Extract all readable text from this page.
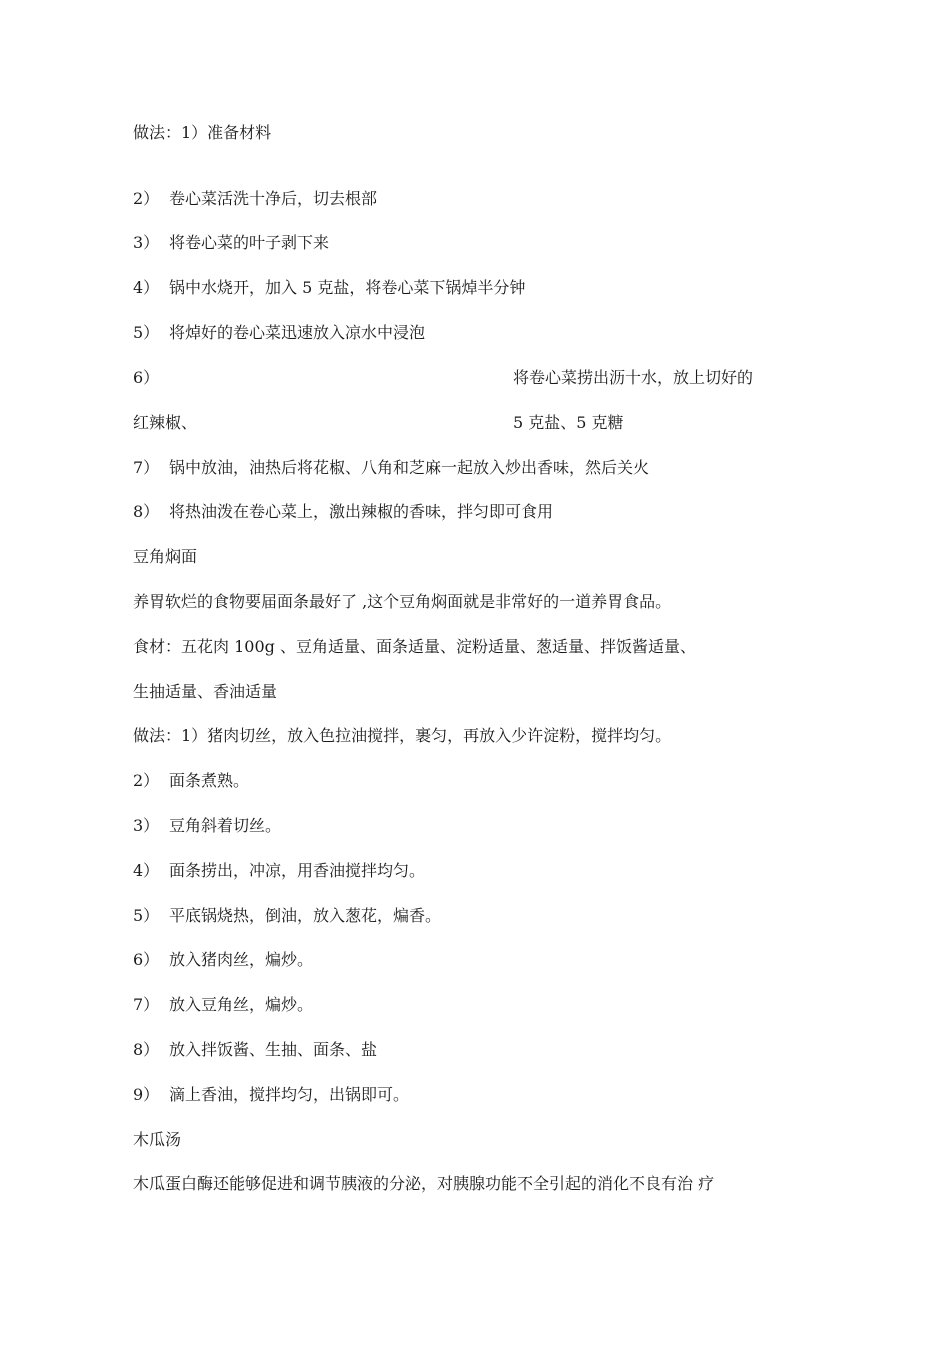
做法：1）准备材料
2） 卷心菜活洗十净后，切去根部
3） 将卷心菜的叶子剥下来
4） 锅中水烧开，加入 5 克盐，将卷心菜下锅焯半分钟
5） 将焯好的卷心菜迅速放入凉水中浸泡
6）	将卷心菜捞出沥十水，放上切好的
红辣椒、	5 克盐、5 克糖
7） 锅中放油，油热后将花椒、八角和芝麻一起放入炒出香味，然后关火
8） 将热油泼在卷心菜上，激出辣椒的香味，拌匀即可食用
豆角焖面
养胃软烂的食物要届面条最好了 ,这个豆角焖面就是非常好的一道养胃食品。
食材：五花肉 100g 、豆角适量、面条适量、淀粉适量、葱适量、拌饭酱适量、
生抽适量、香油适量
做法：1）猪肉切丝，放入色拉油搅拌，裹匀，再放入少许淀粉，搅拌均匀。
2） 面条煮熟。
3） 豆角斜着切丝。
4） 面条捞出，冲凉，用香油搅拌均匀。
5） 平底锅烧热，倒油，放入葱花，煸香。
6） 放入猪肉丝，煸炒。
7） 放入豆角丝，煸炒。
8） 放入拌饭酱、生抽、面条、盐
9） 滴上香油，搅拌均匀，出锅即可。
木瓜汤
木瓜蛋白酶还能够促进和调节胰液的分泌，对胰腺功能不全引起的消化不良有治 疗
